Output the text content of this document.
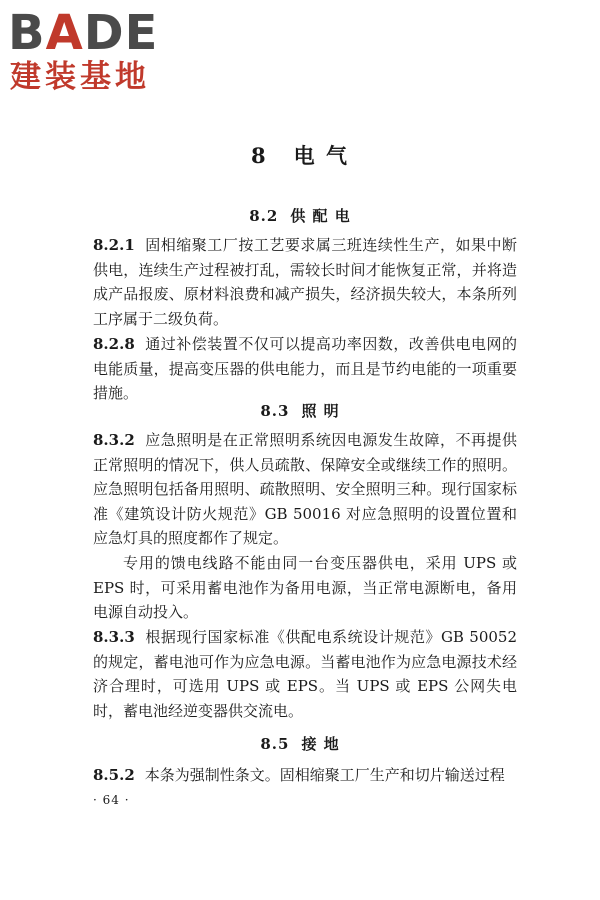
BADE
建装基地
8 电 气
8.2 供 配 电
8.2.1 固相缩聚工厂按工艺要求属三班连续性生产，如果中断供电，连续生产过程被打乱，需较长时间才能恢复正常，并将造成产品报废、原材料浪费和减产损失，经济损失较大，本条所列工序属于二级负荷。
8.2.8 通过补偿装置不仅可以提高功率因数，改善供电电网的电能质量，提高变压器的供电能力，而且是节约电能的一项重要措施。
8.3 照 明
8.3.2 应急照明是在正常照明系统因电源发生故障，不再提供正常照明的情况下，供人员疏散、保障安全或继续工作的照明。应急照明包括备用照明、疏散照明、安全照明三种。现行国家标准《建筑设计防火规范》GB 50016 对应急照明的设置位置和应急灯具的照度都作了规定。
专用的馈电线路不能由同一台变压器供电，采用 UPS 或 EPS 时，可采用蓄电池作为备用电源，当正常电源断电，备用电源自动投入。
8.3.3 根据现行国家标准《供配电系统设计规范》GB 50052 的规定，蓄电池可作为应急电源。当蓄电池作为应急电源技术经济合理时，可选用 UPS 或 EPS。当 UPS 或 EPS 公网失电时，蓄电池经逆变器供交流电。
8.5 接 地
8.5.2 本条为强制性条文。固相缩聚工厂生产和切片输送过程
· 64 ·
